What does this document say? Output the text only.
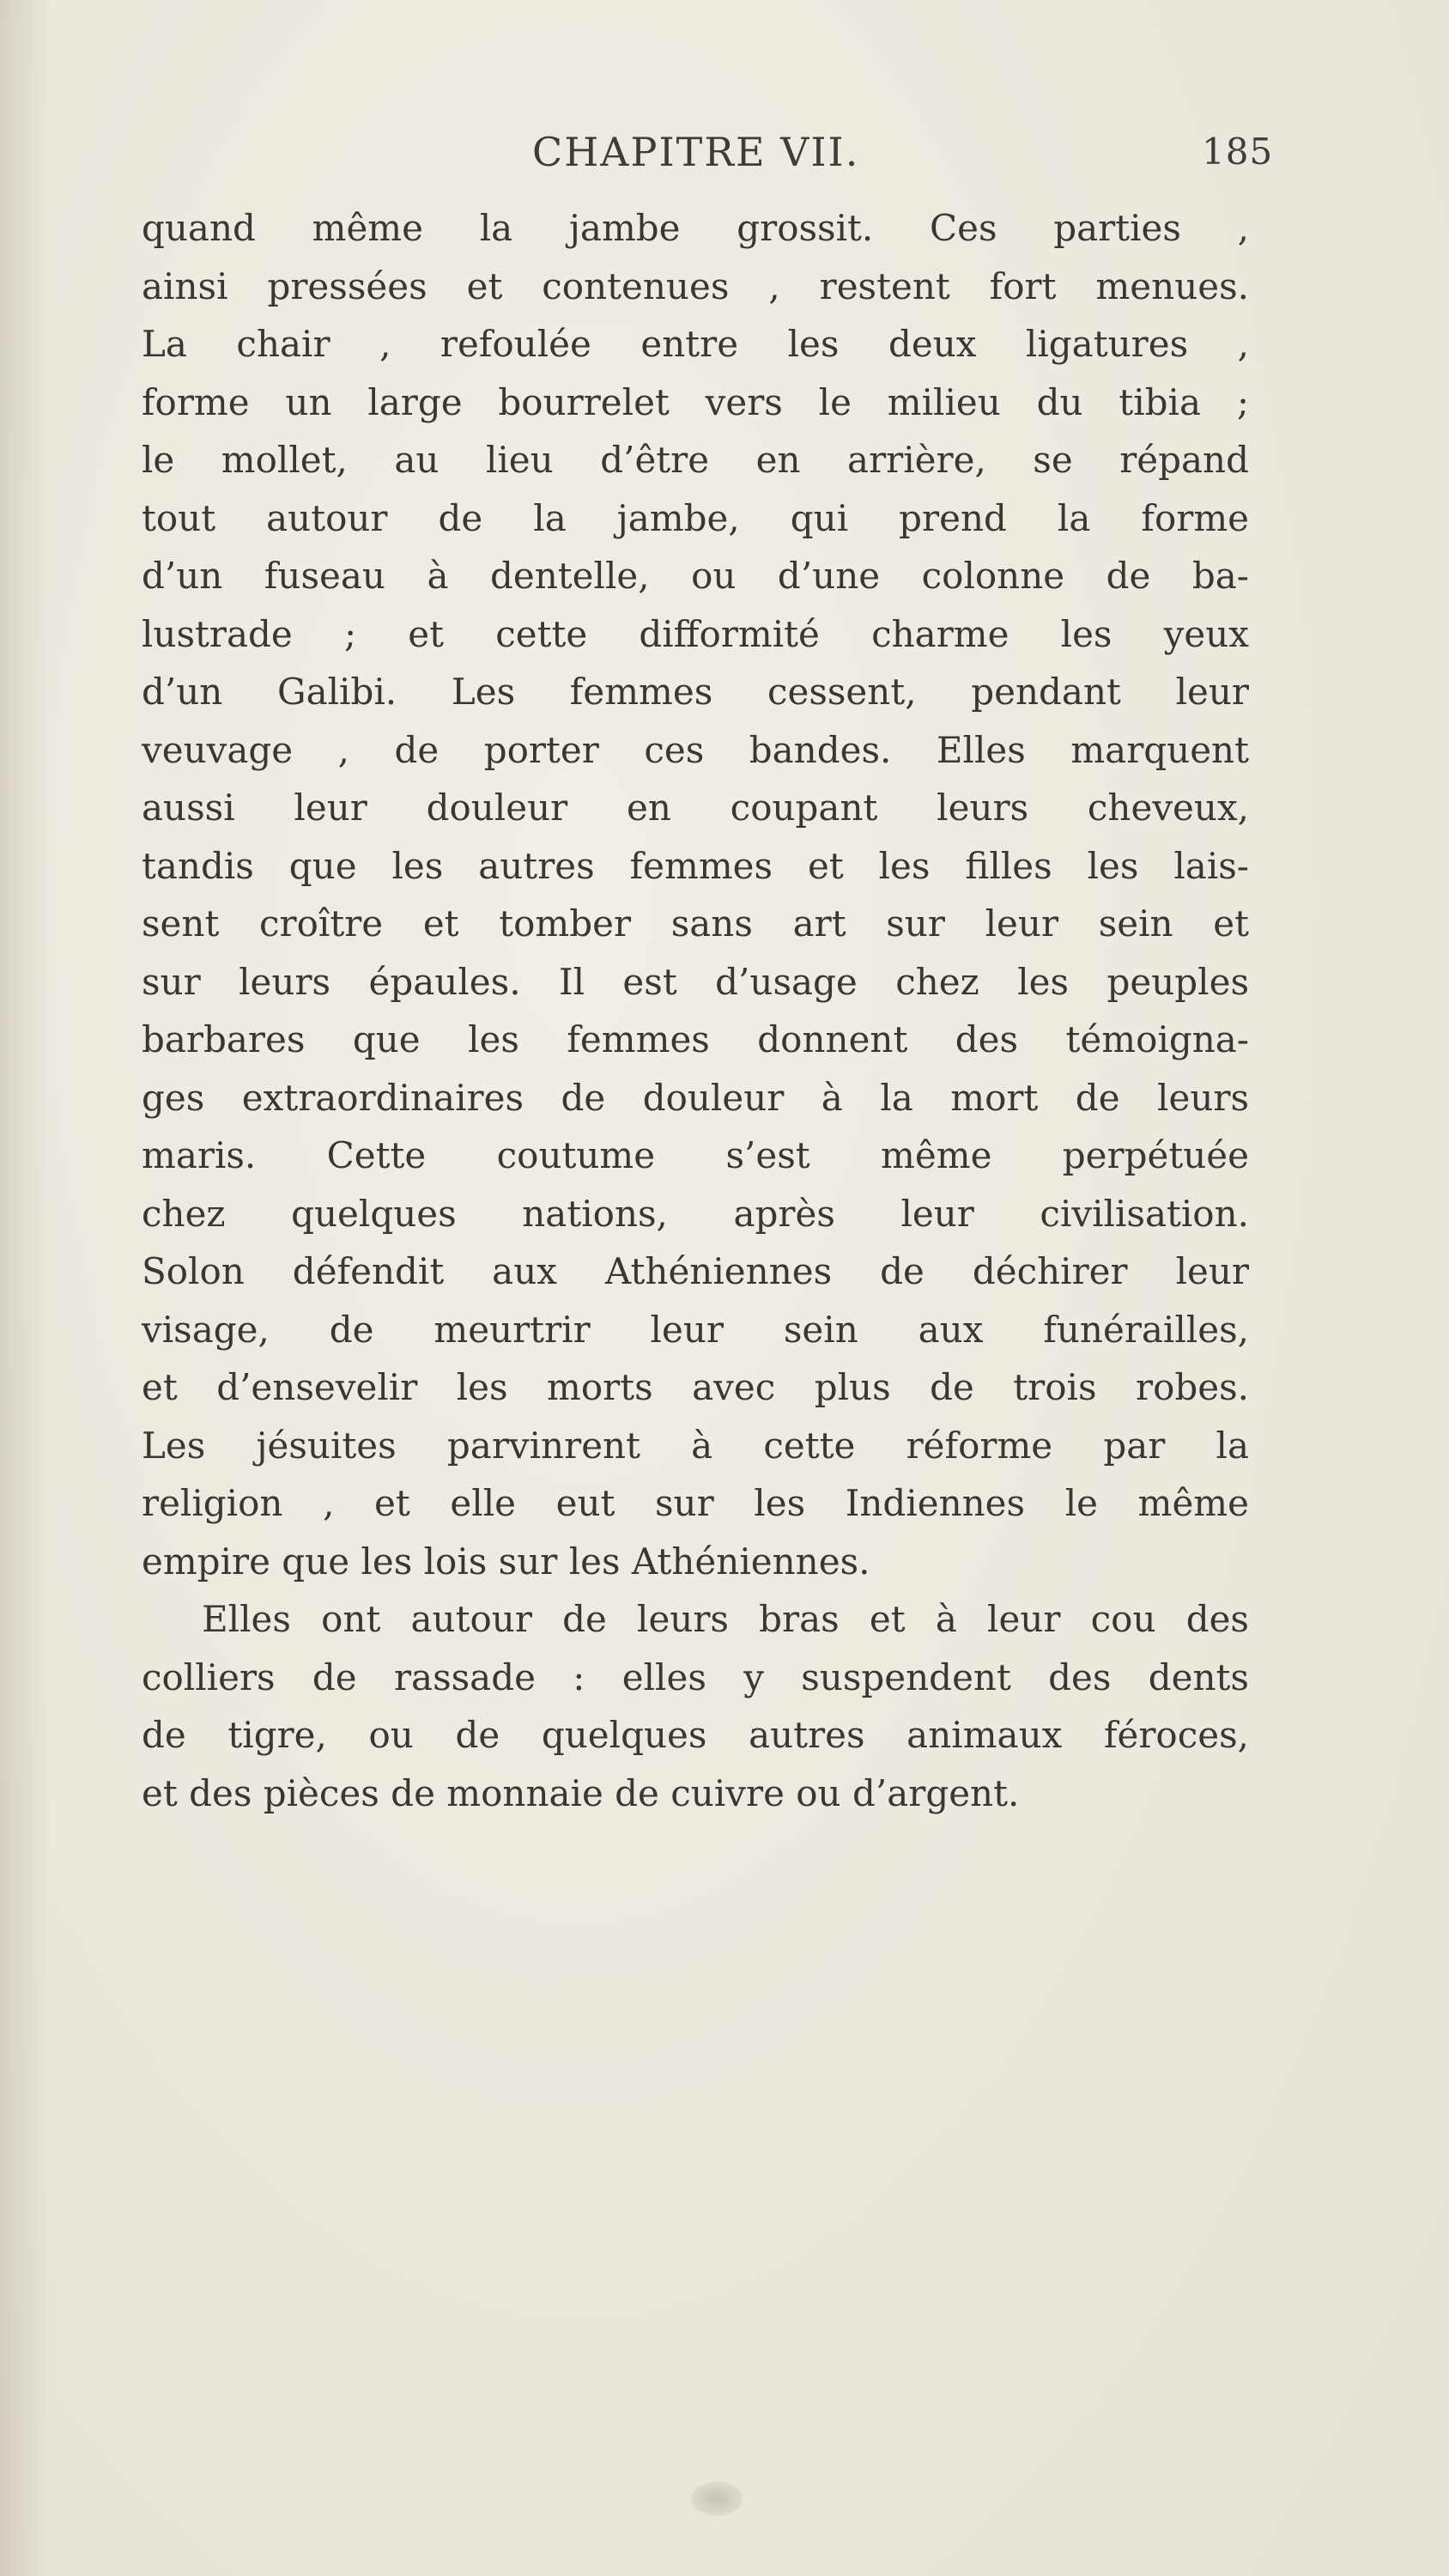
CHAPITRE VII.	185
quand même la jambe grossit. Ces parties ,
ainsi pressées et contenues , restent fort menues.
La chair , refoulée entre les deux ligatures ,
forme un large bourrelet vers le milieu du tibia ;
le mollet, au lieu d’être en arrière, se répand
tout autour de la jambe, qui prend la forme
d’un fuseau à dentelle, ou d’une colonne de ba-
lustrade ; et cette difformité charme les yeux
d’un Galibi. Les femmes cessent, pendant leur
veuvage , de porter ces bandes. Elles marquent
aussi leur douleur en coupant leurs cheveux,
tandis que les autres femmes et les filles les lais-
sent croître et tomber sans art sur leur sein et
sur leurs épaules. Il est d’usage chez les peuples
barbares que les femmes donnent des témoigna-
ges extraordinaires de douleur à la mort de leurs
maris. Cette coutume s’est même perpétuée
chez quelques nations, après leur civilisation.
Solon défendit aux Athéniennes de déchirer leur
visage, de meurtrir leur sein aux funérailles,
et d’ensevelir les morts avec plus de trois robes.
Les jésuites parvinrent à cette réforme par la
religion , et elle eut sur les Indiennes le même
empire que les lois sur les Athéniennes.
Elles ont autour de leurs bras et à leur cou des
colliers de rassade : elles y suspendent des dents
de tigre, ou de quelques autres animaux féroces,
et des pièces de monnaie de cuivre ou d’argent.
